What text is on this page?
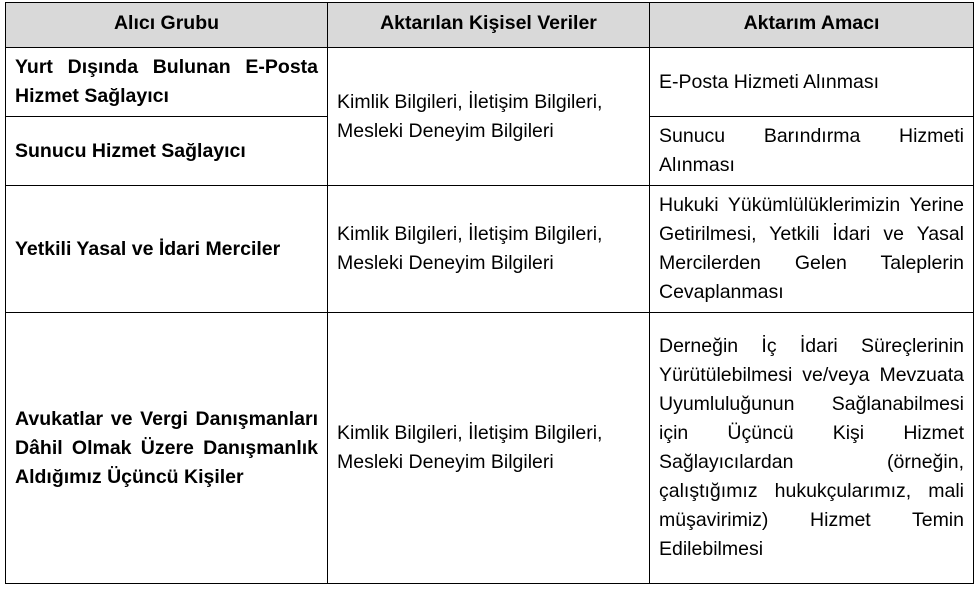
Alıcı Grubu	Aktarılan Kişisel Veriler	Aktarım Amacı
Yurt Dışında Bulunan E-Posta Hizmet Sağlayıcı	Kimlik Bilgileri, İletişim Bilgileri, Mesleki Deneyim Bilgileri	E-Posta Hizmeti Alınması
Sunucu Hizmet Sağlayıcı		Sunucu Barındırma Hizmeti Alınması
Yetkili Yasal ve İdari Merciler	Kimlik Bilgileri, İletişim Bilgileri, Mesleki Deneyim Bilgileri	Hukuki Yükümlülüklerimizin Yerine Getirilmesi, Yetkili İdari ve Yasal Mercilerden Gelen Taleplerin Cevaplanması
Avukatlar ve Vergi Danışmanları Dâhil Olmak Üzere Danışmanlık Aldığımız Üçüncü Kişiler	Kimlik Bilgileri, İletişim Bilgileri, Mesleki Deneyim Bilgileri	Derneğin İç İdari Süreçlerinin Yürütülebilmesi ve/veya Mevzuata Uyumluluğunun Sağlanabilmesi için Üçüncü Kişi Hizmet Sağlayıcılardan (örneğin, çalıştığımız hukukçularımız, mali müşavirimiz) Hizmet Temin Edilebilmesi
